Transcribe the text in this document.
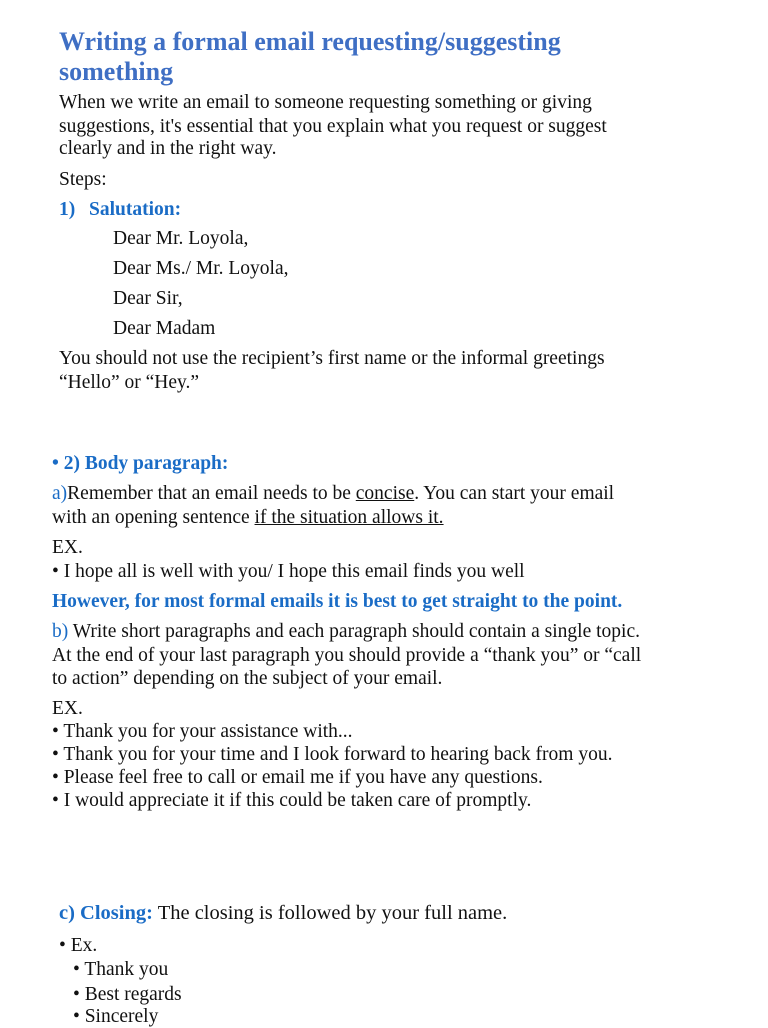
Writing a formal email requesting/suggesting
something
When we write an email to someone requesting something or giving
suggestions, it's essential that you explain what you request or suggest
clearly and in the right way.
Steps:
1) Salutation:
Dear Mr. Loyola,
Dear Ms./ Mr. Loyola,
Dear Sir,
Dear Madam
You should not use the recipient’s first name or the informal greetings
“Hello” or “Hey.”
• 2) Body paragraph:
a)Remember that an email needs to be concise. You can start your email
with an opening sentence if the situation allows it.
EX.
• I hope all is well with you/ I hope this email finds you well
However, for most formal emails it is best to get straight to the point.
b) Write short paragraphs and each paragraph should contain a single topic.
At the end of your last paragraph you should provide a “thank you” or “call
to action” depending on the subject of your email.
EX.
• Thank you for your assistance with...
• Thank you for your time and I look forward to hearing back from you.
• Please feel free to call or email me if you have any questions.
• I would appreciate it if this could be taken care of promptly.
c) Closing: The closing is followed by your full name.
• Ex.
• Thank you
• Best regards
• Sincerely
